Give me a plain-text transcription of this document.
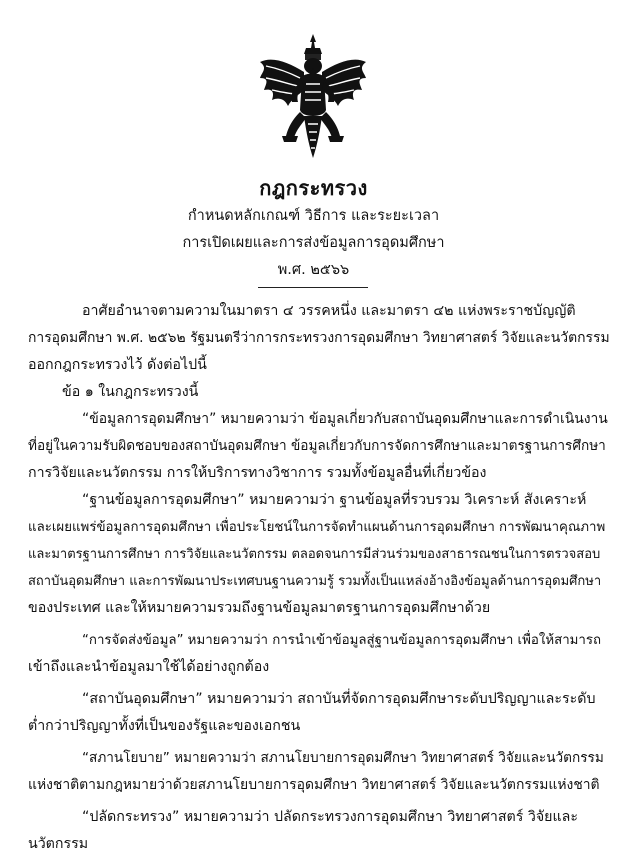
กฎกระทรวง
กำหนดหลักเกณฑ์ วิธีการ และระยะเวลา
การเปิดเผยและการส่งข้อมูลการอุดมศึกษา
พ.ศ. ๒๕๖๖

อาศัยอำนาจตามความในมาตรา ๔ วรรคหนึ่ง และมาตรา ๔๒ แห่งพระราชบัญญัติ
การอุดมศึกษา พ.ศ. ๒๕๖๒ รัฐมนตรีว่าการกระทรวงการอุดมศึกษา วิทยาศาสตร์ วิจัยและนวัตกรรม
ออกกฎกระทรวงไว้ ดังต่อไปนี้

ข้อ ๑ ในกฎกระทรวงนี้

“ข้อมูลการอุดมศึกษา” หมายความว่า ข้อมูลเกี่ยวกับสถาบันอุดมศึกษาและการดำเนินงาน
ที่อยู่ในความรับผิดชอบของสถาบันอุดมศึกษา ข้อมูลเกี่ยวกับการจัดการศึกษาและมาตรฐานการศึกษา
การวิจัยและนวัตกรรม การให้บริการทางวิชาการ รวมทั้งข้อมูลอื่นที่เกี่ยวข้อง

“ฐานข้อมูลการอุดมศึกษา” หมายความว่า ฐานข้อมูลที่รวบรวม วิเคราะห์ สังเคราะห์
และเผยแพร่ข้อมูลการอุดมศึกษา เพื่อประโยชน์ในการจัดทำแผนด้านการอุดมศึกษา การพัฒนาคุณภาพ
และมาตรฐานการศึกษา การวิจัยและนวัตกรรม ตลอดจนการมีส่วนร่วมของสาธารณชนในการตรวจสอบ
สถาบันอุดมศึกษา และการพัฒนาประเทศบนฐานความรู้ รวมทั้งเป็นแหล่งอ้างอิงข้อมูลด้านการอุดมศึกษา
ของประเทศ และให้หมายความรวมถึงฐานข้อมูลมาตรฐานการอุดมศึกษาด้วย

“การจัดส่งข้อมูล” หมายความว่า การนำเข้าข้อมูลสู่ฐานข้อมูลการอุดมศึกษา เพื่อให้สามารถ
เข้าถึงและนำข้อมูลมาใช้ได้อย่างถูกต้อง

“สถาบันอุดมศึกษา” หมายความว่า สถาบันที่จัดการอุดมศึกษาระดับปริญญาและระดับ
ต่ำกว่าปริญญาทั้งที่เป็นของรัฐและของเอกชน

“สภานโยบาย” หมายความว่า สภานโยบายการอุดมศึกษา วิทยาศาสตร์ วิจัยและนวัตกรรม
แห่งชาติตามกฎหมายว่าด้วยสภานโยบายการอุดมศึกษา วิทยาศาสตร์ วิจัยและนวัตกรรมแห่งชาติ

“ปลัดกระทรวง” หมายความว่า ปลัดกระทรวงการอุดมศึกษา วิทยาศาสตร์ วิจัยและ
นวัตกรรม
